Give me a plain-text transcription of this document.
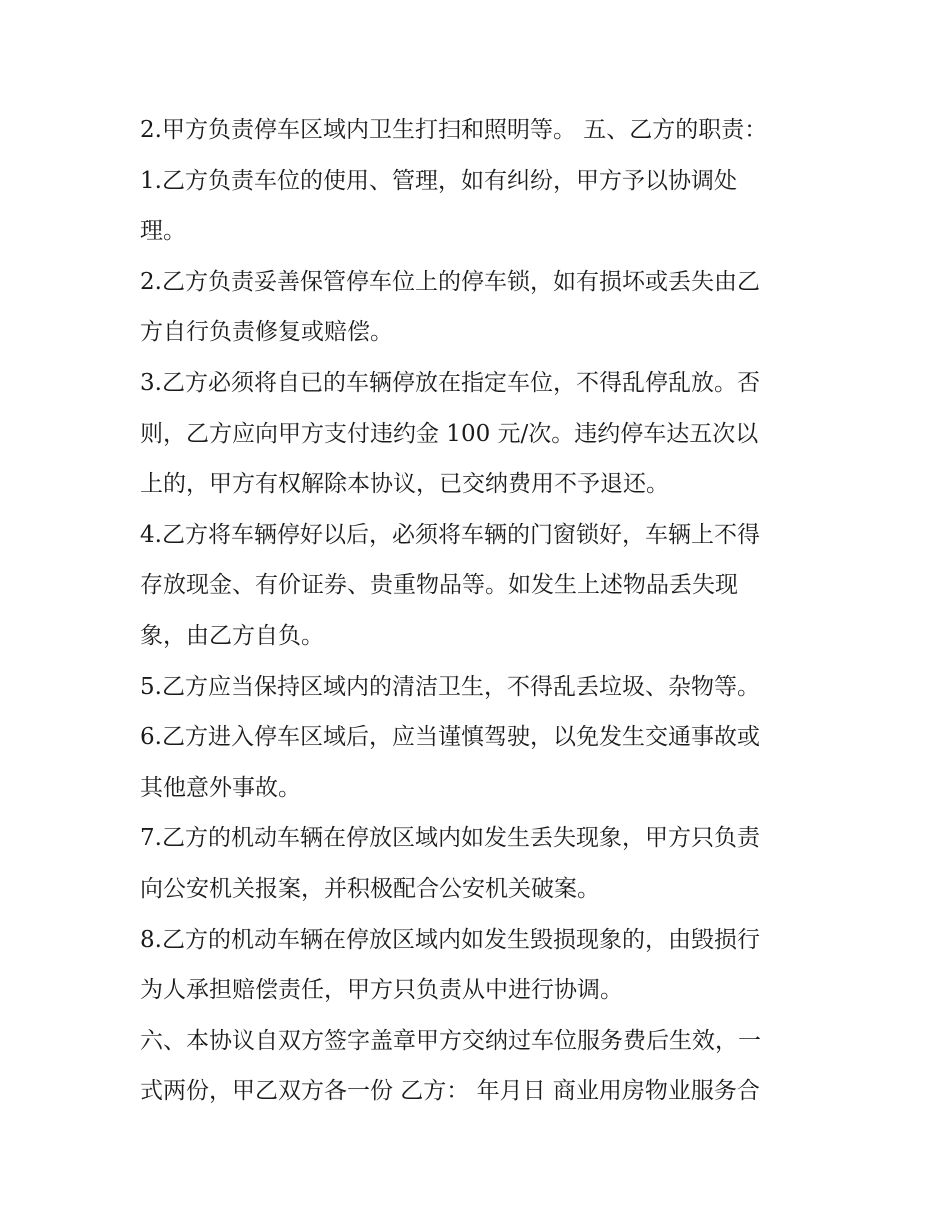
2.甲方负责停车区域内卫生打扫和照明等。 五、乙方的职责：
1.乙方负责车位的使用、管理，如有纠纷，甲方予以协调处
理。
2.乙方负责妥善保管停车位上的停车锁，如有损坏或丢失由乙
方自行负责修复或赔偿。
3.乙方必须将自已的车辆停放在指定车位，不得乱停乱放。否
则，乙方应向甲方支付违约金 100 元/次。违约停车达五次以
上的，甲方有权解除本协议，已交纳费用不予退还。
4.乙方将车辆停好以后，必须将车辆的门窗锁好，车辆上不得
存放现金、有价证券、贵重物品等。如发生上述物品丢失现
象，由乙方自负。
5.乙方应当保持区域内的清洁卫生，不得乱丢垃圾、杂物等。
6.乙方进入停车区域后，应当谨慎驾驶，以免发生交通事故或
其他意外事故。
7.乙方的机动车辆在停放区域内如发生丢失现象，甲方只负责
向公安机关报案，并积极配合公安机关破案。
8.乙方的机动车辆在停放区域内如发生毁损现象的，由毁损行
为人承担赔偿责任，甲方只负责从中进行协调。
六、本协议自双方签字盖章甲方交纳过车位服务费后生效，一
式两份，甲乙双方各一份 乙方： 年月日 商业用房物业服务合
